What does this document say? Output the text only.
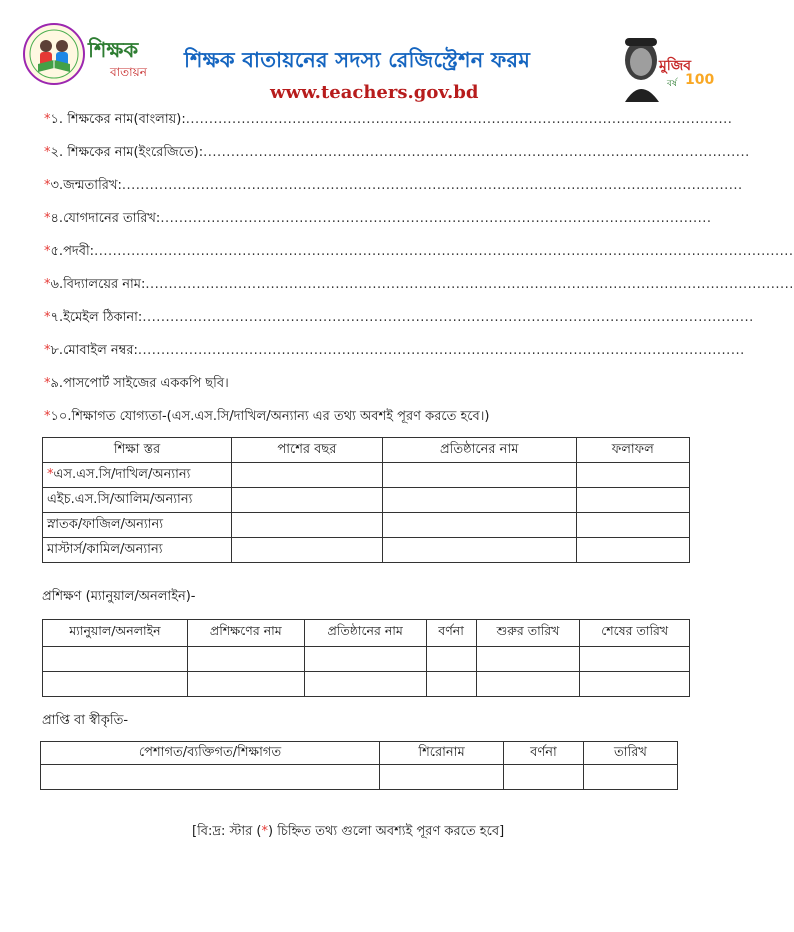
শিক্ষক
বাতায়ন শিক্ষক বাতায়নের সদস্য রেজিস্ট্রেশন ফরম
www.teachers.gov.bd
মুজিব
বর্ষ 100
*১. শিক্ষকের নাম(বাংলায়):......................................................................................................................
*২. শিক্ষকের নাম(ইংরেজিতে):......................................................................................................................
*৩.জন্মতারিখ:......................................................................................................................................
*৪.যোগদানের তারিখ:.......................................................................................................................
*৫.পদবী:.......................................................................................................................................................
*৬.বিদ্যালয়ের নাম:............................................................................................................................................
*৭.ইমেইল ঠিকানা:....................................................................................................................................
*৮.মোবাইল নম্বর:...................................................................................................................................
*৯.পাসপোর্ট সাইজের এককপি ছবি।
*১০.শিক্ষাগত যোগ্যতা-(এস.এস.সি/দাখিল/অন্যান্য এর তথ্য অবশই পূরণ করতে হবে।)
শিক্ষা স্তর	পাশের বছর	প্রতিষ্ঠানের নাম	ফলাফল
*এস.এস.সি/দাখিল/অন্যান্য			
এইচ.এস.সি/আলিম/অন্যান্য			
স্নাতক/ফাজিল/অন্যান্য			
মাস্টার্স/কামিল/অন্যান্য			
প্রশিক্ষণ (ম্যানুয়াল/অনলাইন)-
ম্যানুয়াল/অনলাইন	প্রশিক্ষণের নাম	প্রতিষ্ঠানের নাম	বর্ণনা	শুরুর তারিখ	শেষের তারিখ

প্রাপ্তি বা স্বীকৃতি-
পেশাগত/ব্যক্তিগত/শিক্ষাগত	শিরোনাম	বর্ণনা	তারিখ

[বি:দ্র: স্টার (*) চিহ্নিত তথ্য গুলো অবশ্যই পূরণ করতে হবে]
